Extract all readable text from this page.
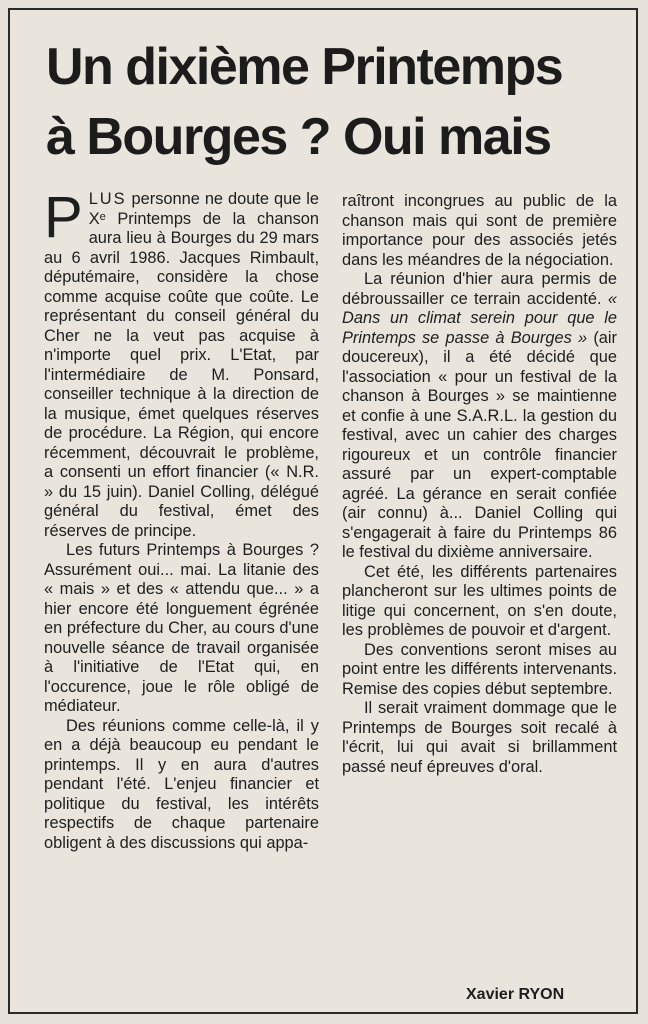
Un dixième Printemps
à Bourges ? Oui mais

PLUS personne ne doute que le Xᵉ Printemps de la chanson aura lieu à Bourges du 29 mars au 6 avril 1986. Jacques Rimbault, députémaire, considère la chose comme acquise coûte que coûte. Le représentant du conseil général du Cher ne la veut pas acquise à n'importe quel prix. L'Etat, par l'intermédiaire de M. Ponsard, conseiller technique à la direction de la musique, émet quelques réserves de procédure. La Région, qui encore récemment, découvrait le problème, a consenti un effort financier (« N.R. » du 15 juin). Daniel Colling, délégué général du festival, émet des réserves de principe.

Les futurs Printemps à Bourges ? Assurément oui... mai. La litanie des « mais » et des « attendu que... » a hier encore été longuement égrénée en préfecture du Cher, au cours d'une nouvelle séance de travail organisée à l'initiative de l'Etat qui, en l'occurence, joue le rôle obligé de médiateur.

Des réunions comme celle-là, il y en a déjà beaucoup eu pendant le printemps. Il y en aura d'autres pendant l'été. L'enjeu financier et politique du festival, les intérêts respectifs de chaque partenaire obligent à des discussions qui appa-

raîtront incongrues au public de la chanson mais qui sont de première importance pour des associés jetés dans les méandres de la négociation.

La réunion d'hier aura permis de débroussailler ce terrain accidenté. « Dans un climat serein pour que le Printemps se passe à Bourges » (air doucereux), il a été décidé que l'association « pour un festival de la chanson à Bourges » se maintienne et confie à une S.A.R.L. la gestion du festival, avec un cahier des charges rigoureux et un contrôle financier assuré par un expert-comptable agréé. La gérance en serait confiée (air connu) à... Daniel Colling qui s'engagerait à faire du Printemps 86 le festival du dixième anniversaire.

Cet été, les différents partenaires plancheront sur les ultimes points de litige qui concernent, on s'en doute, les problèmes de pouvoir et d'argent.

Des conventions seront mises au point entre les différents intervenants. Remise des copies début septembre.

Il serait vraiment dommage que le Printemps de Bourges soit recalé à l'écrit, lui qui avait si brillamment passé neuf épreuves d'oral.

Xavier RYON
